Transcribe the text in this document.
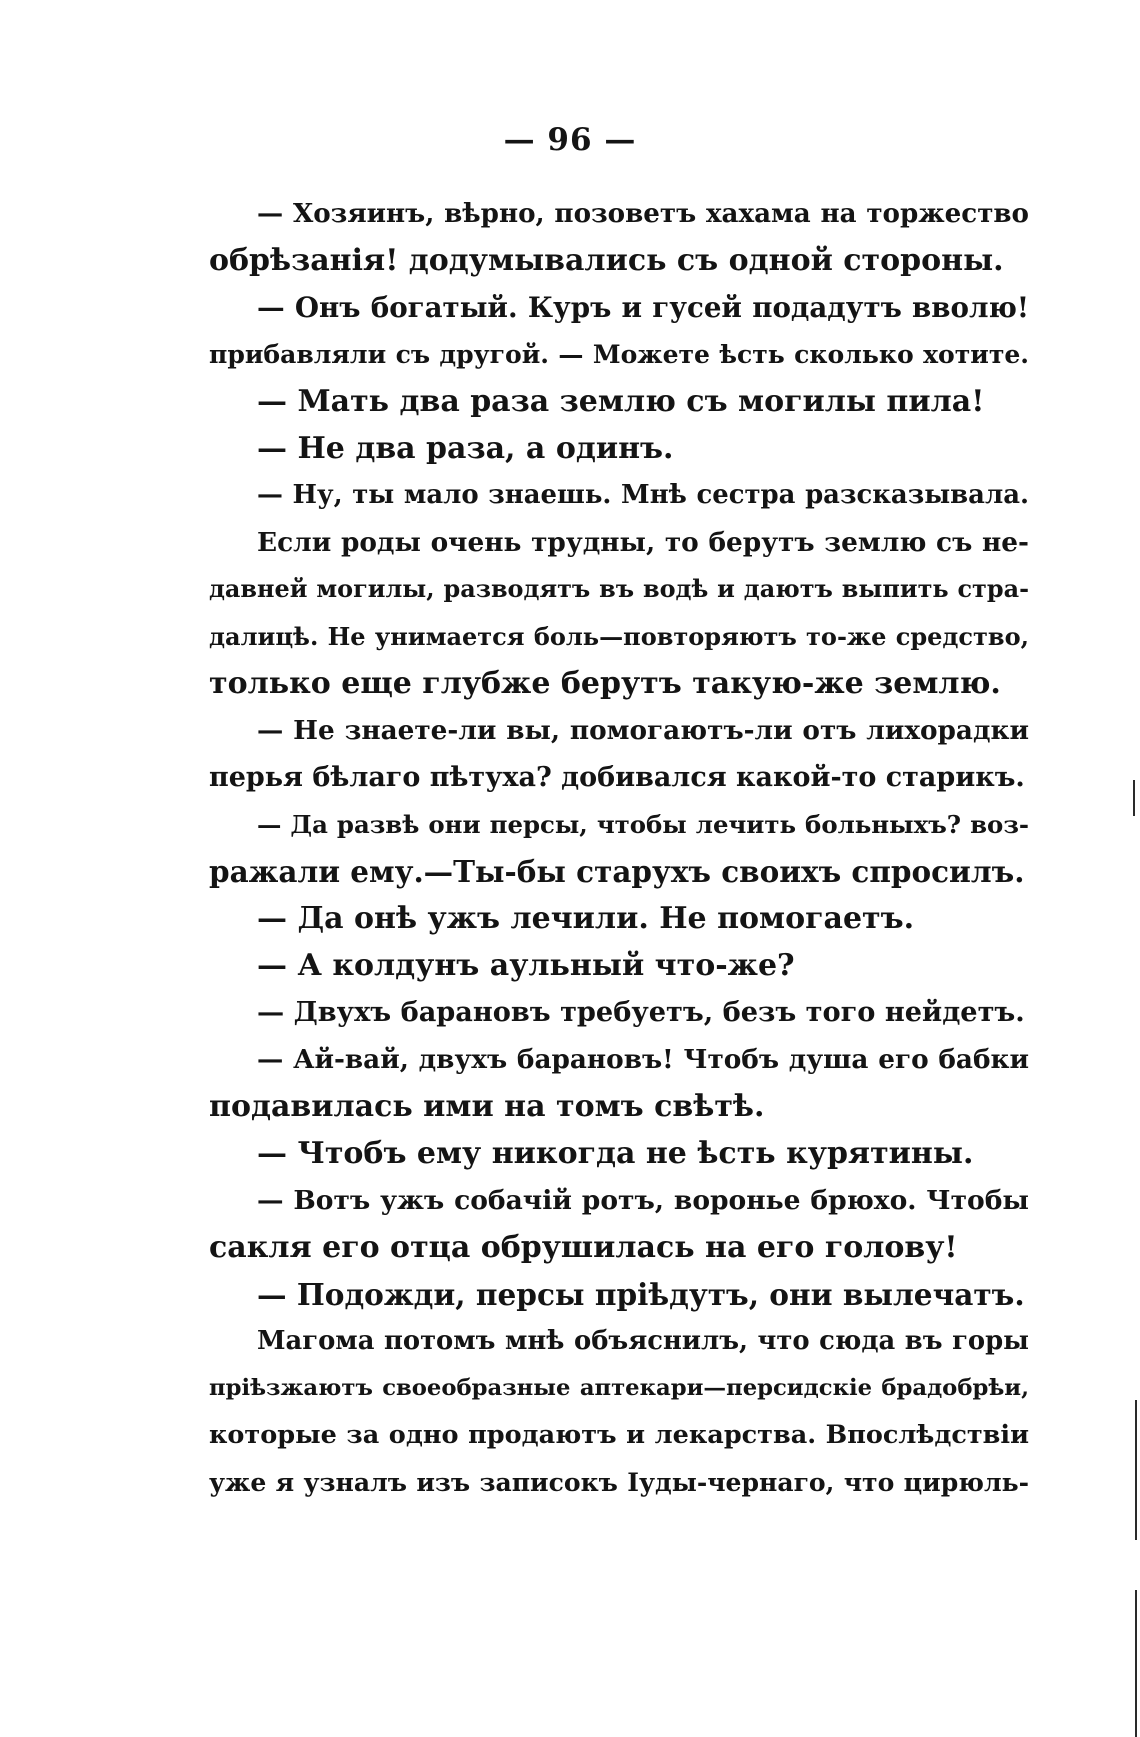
— 96 —
— Хозяинъ, вѣрно, позоветъ хахама на торжество
обрѣзанія! додумывались съ одной стороны.
— Онъ богатый. Куръ и гусей подадутъ вволю!
прибавляли съ другой. — Можете ѣсть сколько хотите.
— Мать два раза землю съ могилы пила!
— Не два раза, а одинъ.
— Ну, ты мало знаешь. Мнѣ сестра разсказывала.
Если роды очень трудны, то берутъ землю съ не-
давней могилы, разводятъ въ водѣ и даютъ выпить стра-
далицѣ. Не унимается боль—повторяютъ то-же средство,
только еще глубже берутъ такую-же землю.
— Не знаете-ли вы, помогаютъ-ли отъ лихорадки
перья бѣлаго пѣтуха? добивался какой-то старикъ.
— Да развѣ они персы, чтобы лечить больныхъ? воз-
ражали ему.—Ты-бы старухъ своихъ спросилъ.
— Да онѣ ужъ лечили. Не помогаетъ.
— А колдунъ аульный что-же?
— Двухъ барановъ требуетъ, безъ того нейдетъ.
— Ай-вай, двухъ барановъ! Чтобъ душа его бабки
подавилась ими на томъ свѣтѣ.
— Чтобъ ему никогда не ѣсть курятины.
— Вотъ ужъ собачій ротъ, воронье брюхо. Чтобы
сакля его отца обрушилась на его голову!
— Подожди, персы пріѣдутъ, они вылечатъ.
Магома потомъ мнѣ объяснилъ, что сюда въ горы
пріѣзжаютъ своеобразные аптекари—персидскіе брадобрѣи,
которые за одно продаютъ и лекарства. Впослѣдствіи
уже я узналъ изъ записокъ Іуды-чернаго, что цирюль-
